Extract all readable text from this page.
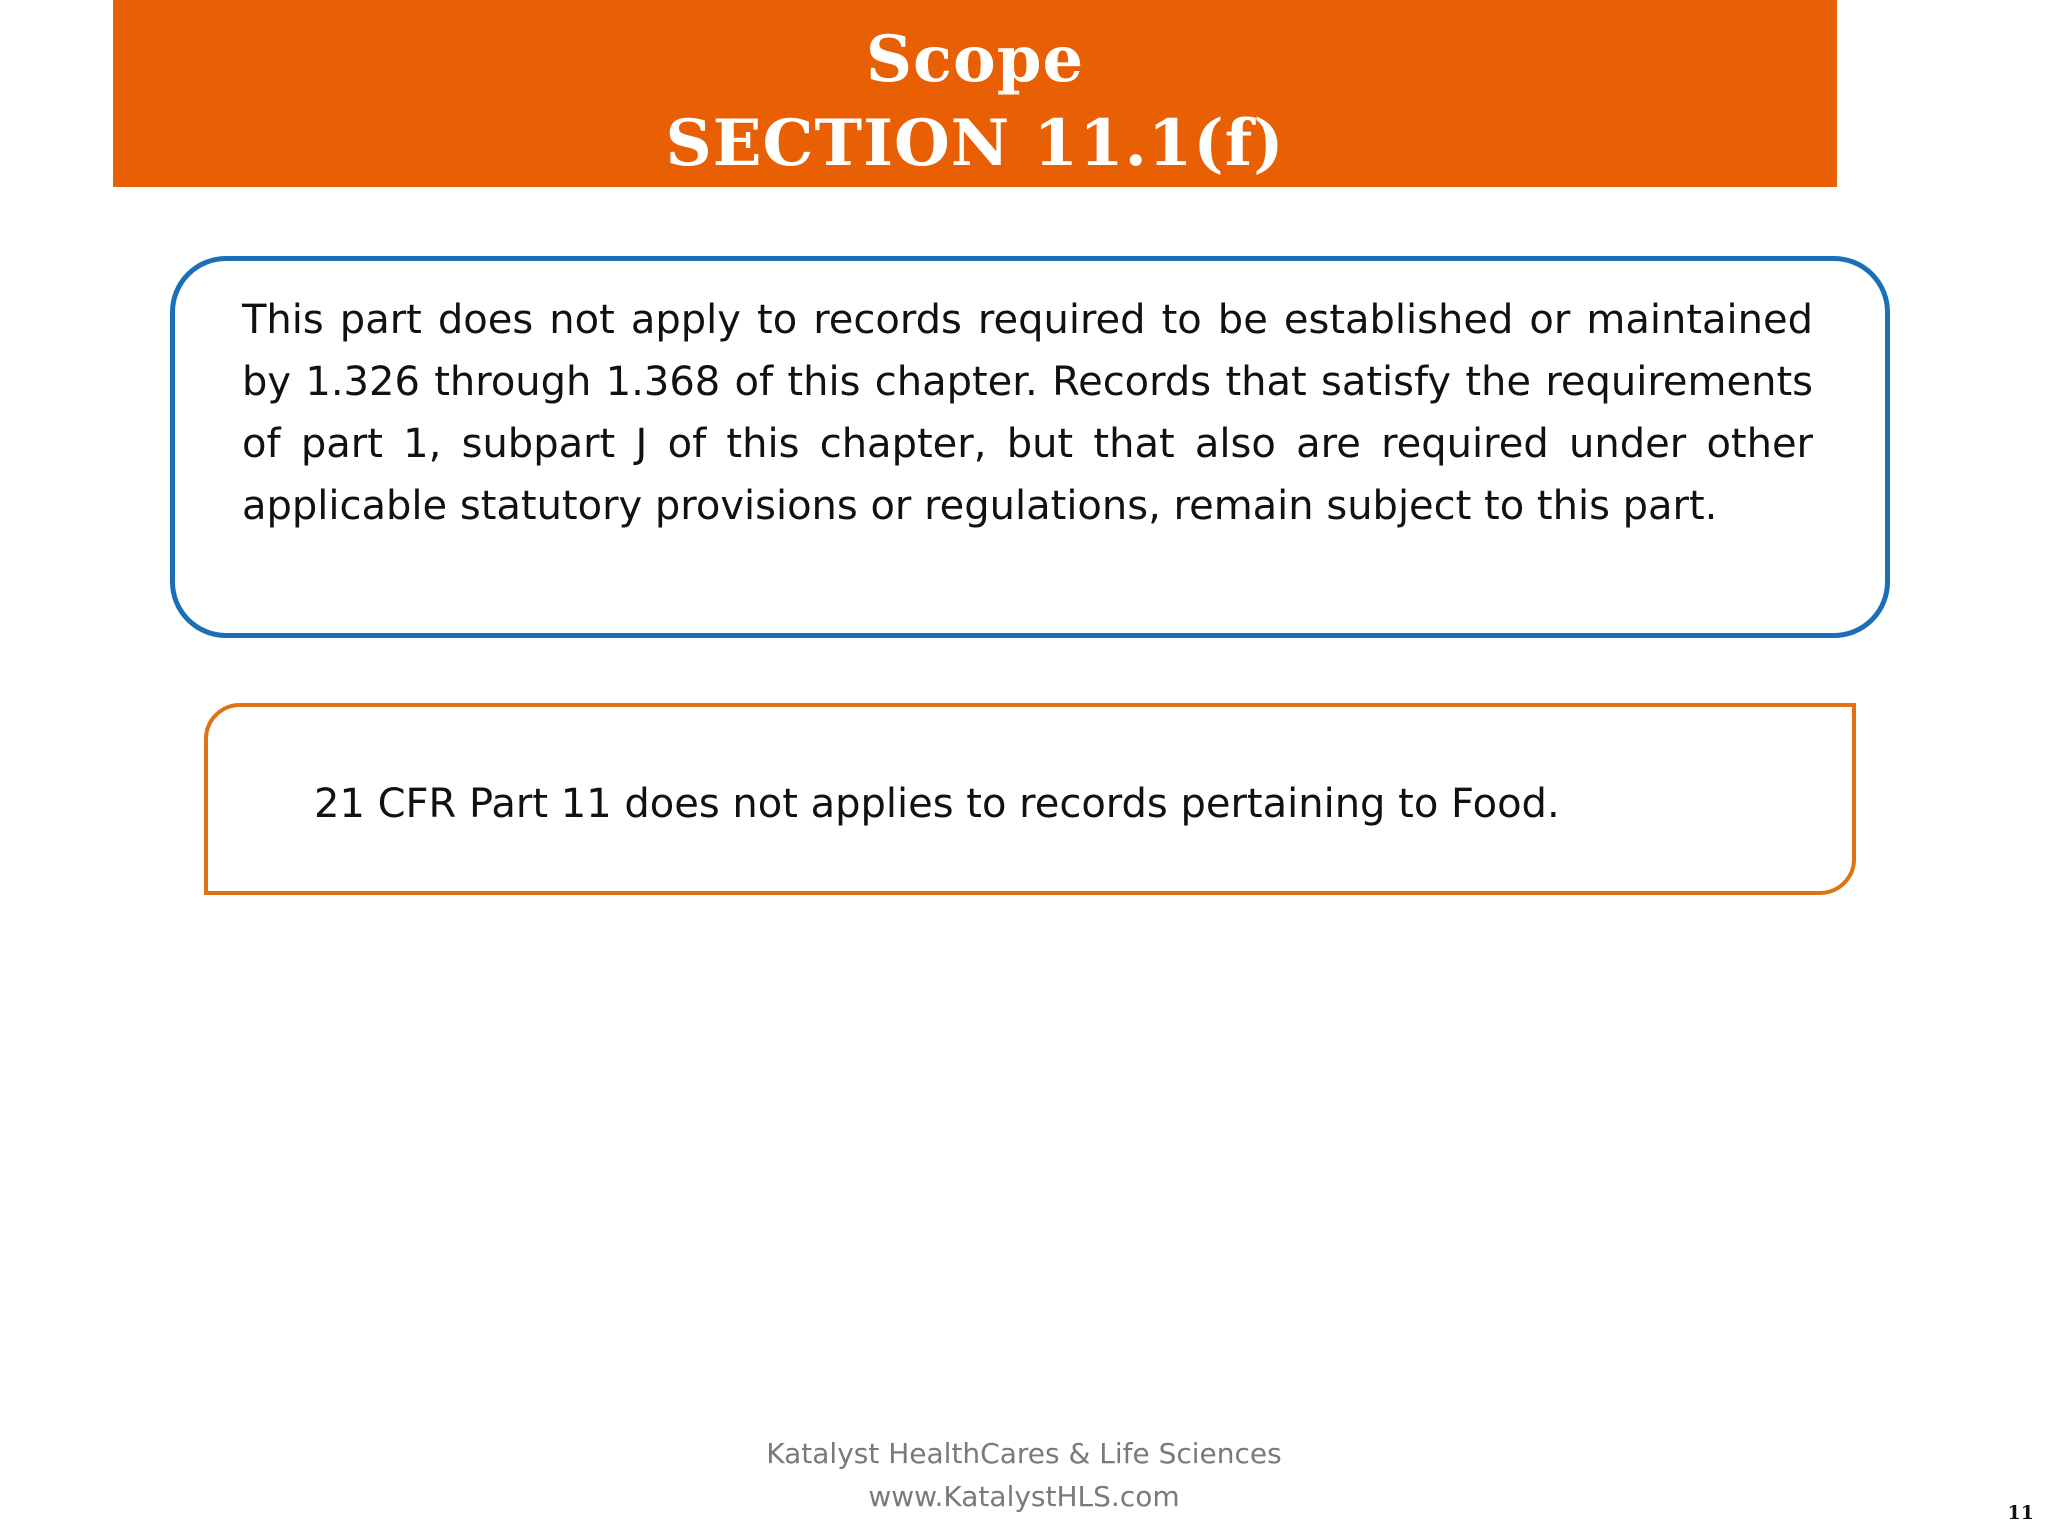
Scope
SECTION 11.1(f)

This part does not apply to records required to be established or maintained by 1.326 through 1.368 of this chapter. Records that satisfy the requirements of part 1, subpart J of this chapter, but that also are required under other applicable statutory provisions or regulations, remain subject to this part.

21 CFR Part 11 does not applies to records pertaining to Food.

Katalyst HealthCares & Life Sciences
www.KatalystHLS.com	11
